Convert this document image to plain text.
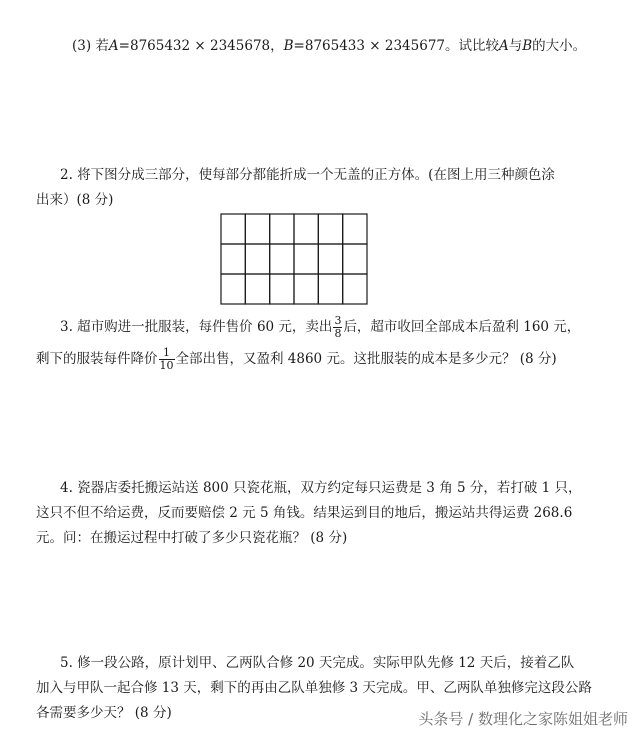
(3) 若A=8765432 × 2345678，B=8765433 × 2345677。试比较A与B的大小。
2. 将下图分成三部分，使每部分都能折成一个无盖的正方体。(在图上用三种颜色涂
出来）(8 分)
3. 超市购进一批服装，每件售价 60 元，卖出 $\frac{3}{8}$ 后，超市收回全部成本后盈利 160 元，
剩下的服装每件降价 $\frac{1}{10}$ 全部出售，又盈利 4860 元。这批服装的成本是多少元？ (8 分)
4. 瓷器店委托搬运站送 800 只瓷花瓶，双方约定每只运费是 3 角 5 分，若打破 1 只，
这只不但不给运费，反而要赔偿 2 元 5 角钱。结果运到目的地后，搬运站共得运费 268.6
元。问：在搬运过程中打破了多少只瓷花瓶？ (8 分)
5. 修一段公路，原计划甲、乙两队合修 20 天完成。实际甲队先修 12 天后，接着乙队
加入与甲队一起合修 13 天，剩下的再由乙队单独修 3 天完成。甲、乙两队单独修完这段公路
各需要多少天？ (8 分)	头条号 / 数理化之家陈姐姐老师
